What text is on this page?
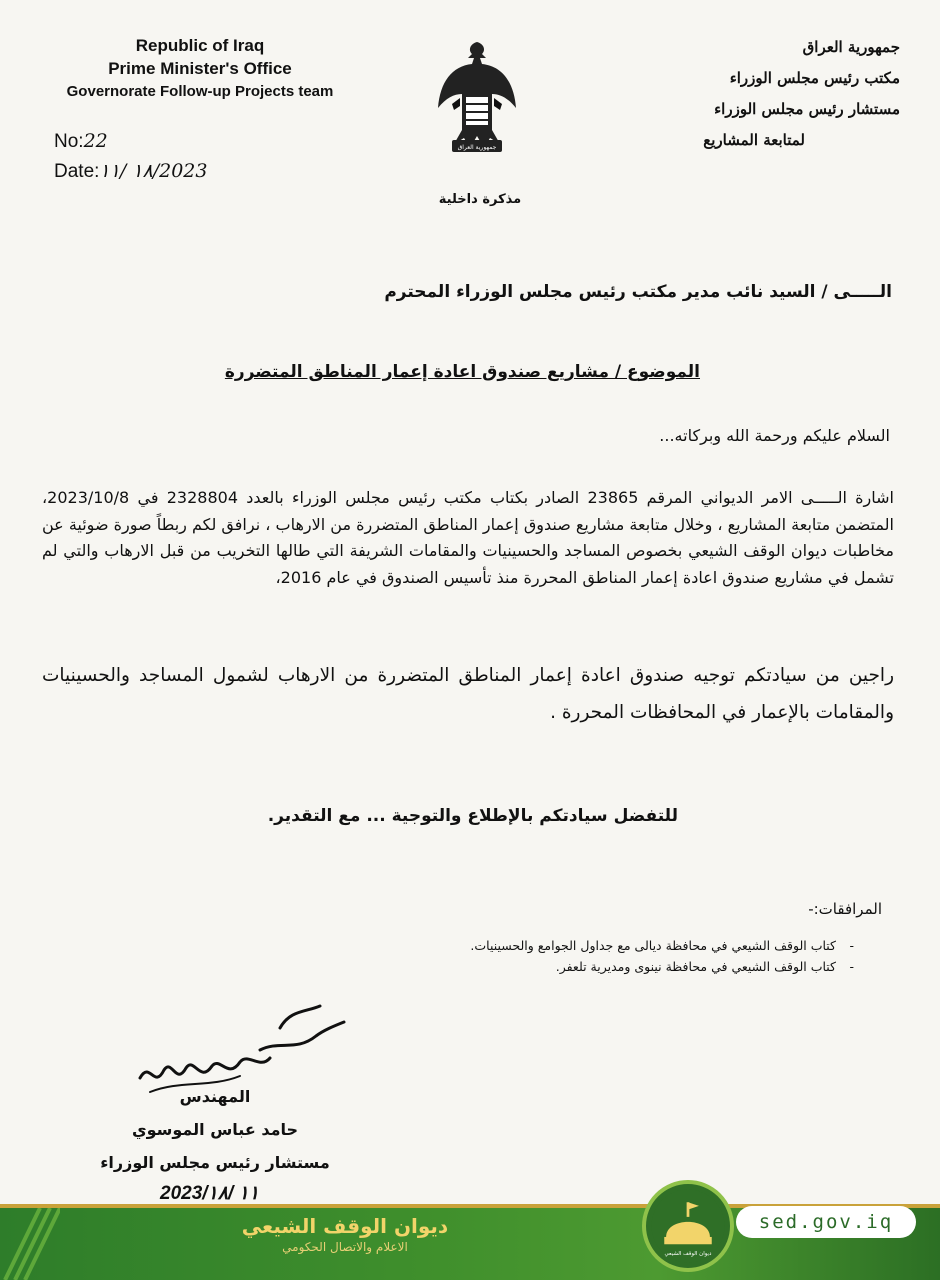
Republic of Iraq
Prime Minister's Office
Governorate Follow-up Projects team
No:22
Date:١٨ /١١/2023
جمهورية العراق
مذكرة داخلية
جمهورية العراق
مكتب رئيس مجلس الوزراء
مستشار رئيس مجلس الوزراء
لمتابعة المشاريع
الـــــى / السيد نائب مدير مكتب رئيس مجلس الوزراء المحترم
الموضوع / مشاريع صندوق اعادة إعمار المناطق المتضررة
السلام عليكم ورحمة الله وبركاته...
اشارة الـــــى الامر الديواني المرقم 23865 الصادر بكتاب مكتب رئيس مجلس الوزراء بالعدد 2328804 في 2023/10/8، المتضمن متابعة المشاريع ، وخلال متابعة مشاريع صندوق إعمار المناطق المتضررة من الارهاب ، نرافق لكم ربطاً صورة ضوئية عن مخاطبات ديوان الوقف الشيعي بخصوص المساجد والحسينيات والمقامات الشريفة التي طالها التخريب من قبل الارهاب والتي لم تشمل في مشاريع صندوق اعادة إعمار المناطق المحررة منذ تأسيس الصندوق في عام 2016،
راجين من سيادتكم توجيه صندوق اعادة إعمار المناطق المتضررة من الارهاب لشمول المساجد والحسينيات والمقامات بالإعمار في المحافظات المحررة .
للتفضل سيادتكم بالإطلاع والتوجية ... مع التقدير.
المرافقات:-
- كتاب الوقف الشيعي في محافظة ديالى مع جداول الجوامع والحسينيات.
- كتاب الوقف الشيعي في محافظة نينوى ومديرية تلعفر.
المهندس
حامد عباس الموسوي
مستشار رئيس مجلس الوزراء
2023/١١ /١٨
ديوان الوقف الشيعي
الاعلام والاتصال الحكومي
ديوان الوقف الشيعي
sed.gov.iq
